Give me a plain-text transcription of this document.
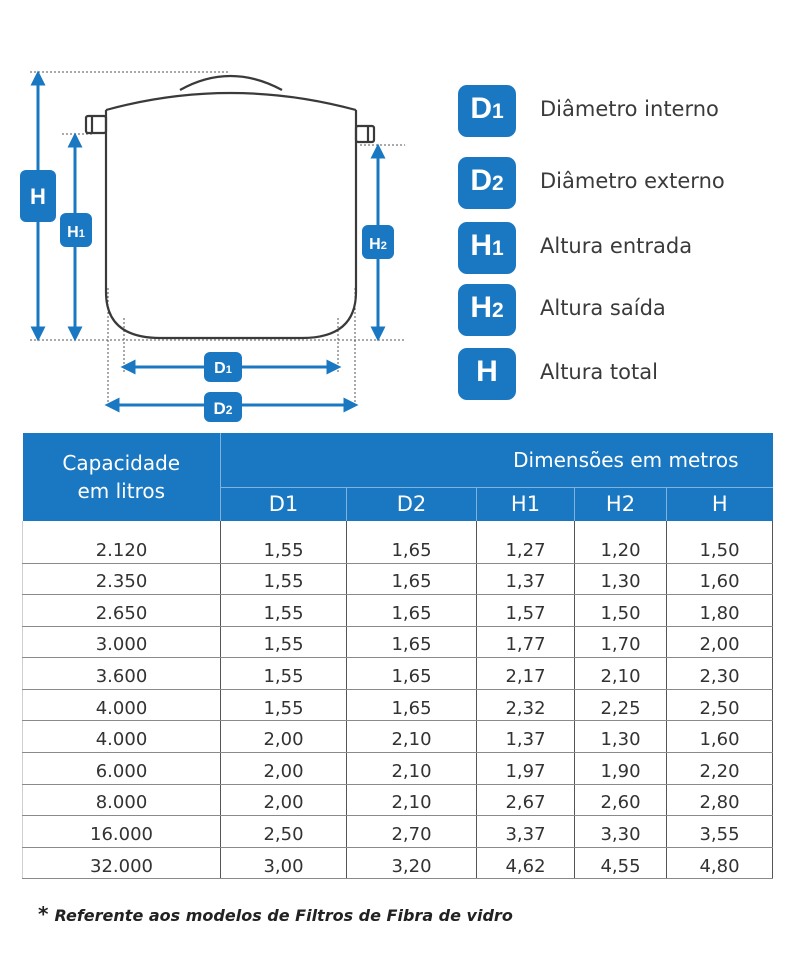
H
H1
H2
D1
D2
D 1 Diâmetro interno
D 2 Diâmetro externo
H 1 Altura entrada
H 2 Altura saída
H Altura total
Capacidade
em litros	Dimensões em metros				
	D1	D2	H1	H2	H
2.120	1,55	1,65	1,27	1,20	1,50
2.350	1,55	1,65	1,37	1,30	1,60
2.650	1,55	1,65	1,57	1,50	1,80
3.000	1,55	1,65	1,77	1,70	2,00
3.600	1,55	1,65	2,17	2,10	2,30
4.000	1,55	1,65	2,32	2,25	2,50
4.000	2,00	2,10	1,37	1,30	1,60
6.000	2,00	2,10	1,97	1,90	2,20
8.000	2,00	2,10	2,67	2,60	2,80
16.000	2,50	2,70	3,37	3,30	3,55
32.000	3,00	3,20	4,62	4,55	4,80
* Referente aos modelos de Filtros de Fibra de vidro
